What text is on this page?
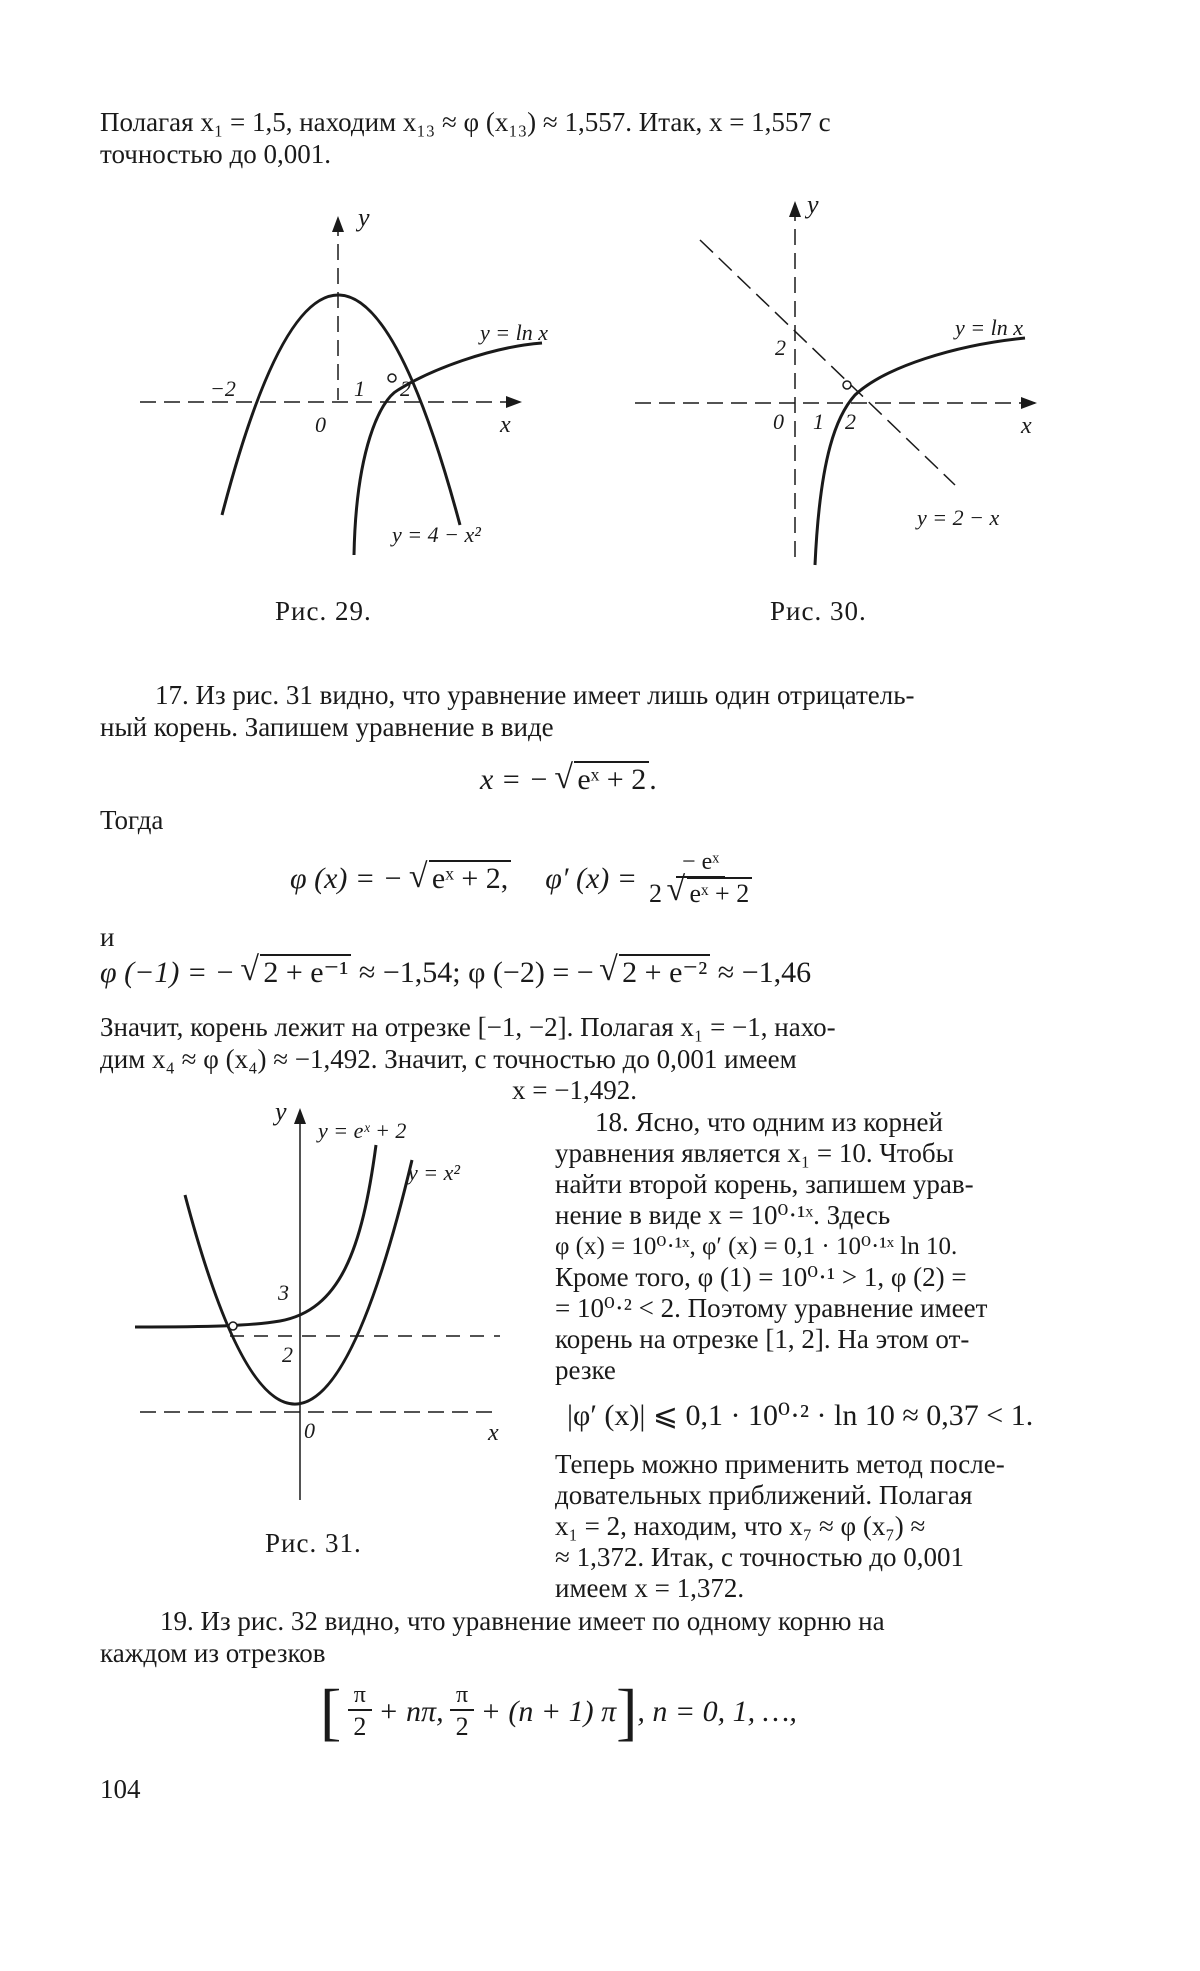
Полагая x₁ = 1,5, находим x₁₃ ≈ φ (x₁₃) ≈ 1,557. Итак, x = 1,557 с

точностью до 0,001.

y
x
y = ln x
y = 4 − x²
−2
0
1 2
Рис. 29.
y
x
y = ln x
y = 2 − x
0 1 2
2
Рис. 30.

17. Из рис. 31 видно, что уравнение имеет лишь один отрицатель-

ный корень. Запишем уравнение в виде

x = − √ eˣ + 2 .

Тогда

φ (x) = − √ eˣ + 2, φ′ $(x) = \frac{\text{− eˣ}}{\text{2 √ eˣ + 2}}$

и

φ (−1) = − √ 2 + e⁻¹ ≈ −1,54; φ (−2) = − √ 2 + e⁻² ≈ −1,46

Значит, корень лежит на отрезке [−1, −2]. Полагая x₁ = −1, нахо-

дим x₄ ≈ φ (x₄) ≈ −1,492. Значит, с точностью до 0,001 имеем

x = −1,492.

y
x
y = eˣ + 2
y = x²
3
2
0
Рис. 31.

18. Ясно, что одним из корней

уравнения является x₁ = 10. Чтобы

найти второй корень, запишем урав-

нение в виде x = 10⁰·¹ˣ. Здесь

φ (x) = 10⁰·¹ˣ, φ′ (x) = 0,1 · 10⁰·¹ˣ ln 10.

Кроме того, φ (1) = 10⁰·¹ > 1, φ (2) =

= 10⁰·² < 2. Поэтому уравнение имеет

корень на отрезке [1, 2]. На этом от-

резке

|φ′ (x)| ⩽ 0,1 · 10⁰·² · ln 10 ≈ 0,37 < 1.

Теперь можно применить метод после-

довательных приближений. Полагая

x₁ = 2, находим, что x₇ ≈ φ (x₇) ≈

≈ 1,372. Итак, с точностью до 0,001

имеем x = 1,372.

19. Из рис. 32 видно, что уравнение имеет по одному корню на

каждом из отрезков

[ $\frac{\pi}{2} + n\pi$, $\frac{\pi}{2} + (n + 1)$ π ] , n = 0, 1, …,
104
